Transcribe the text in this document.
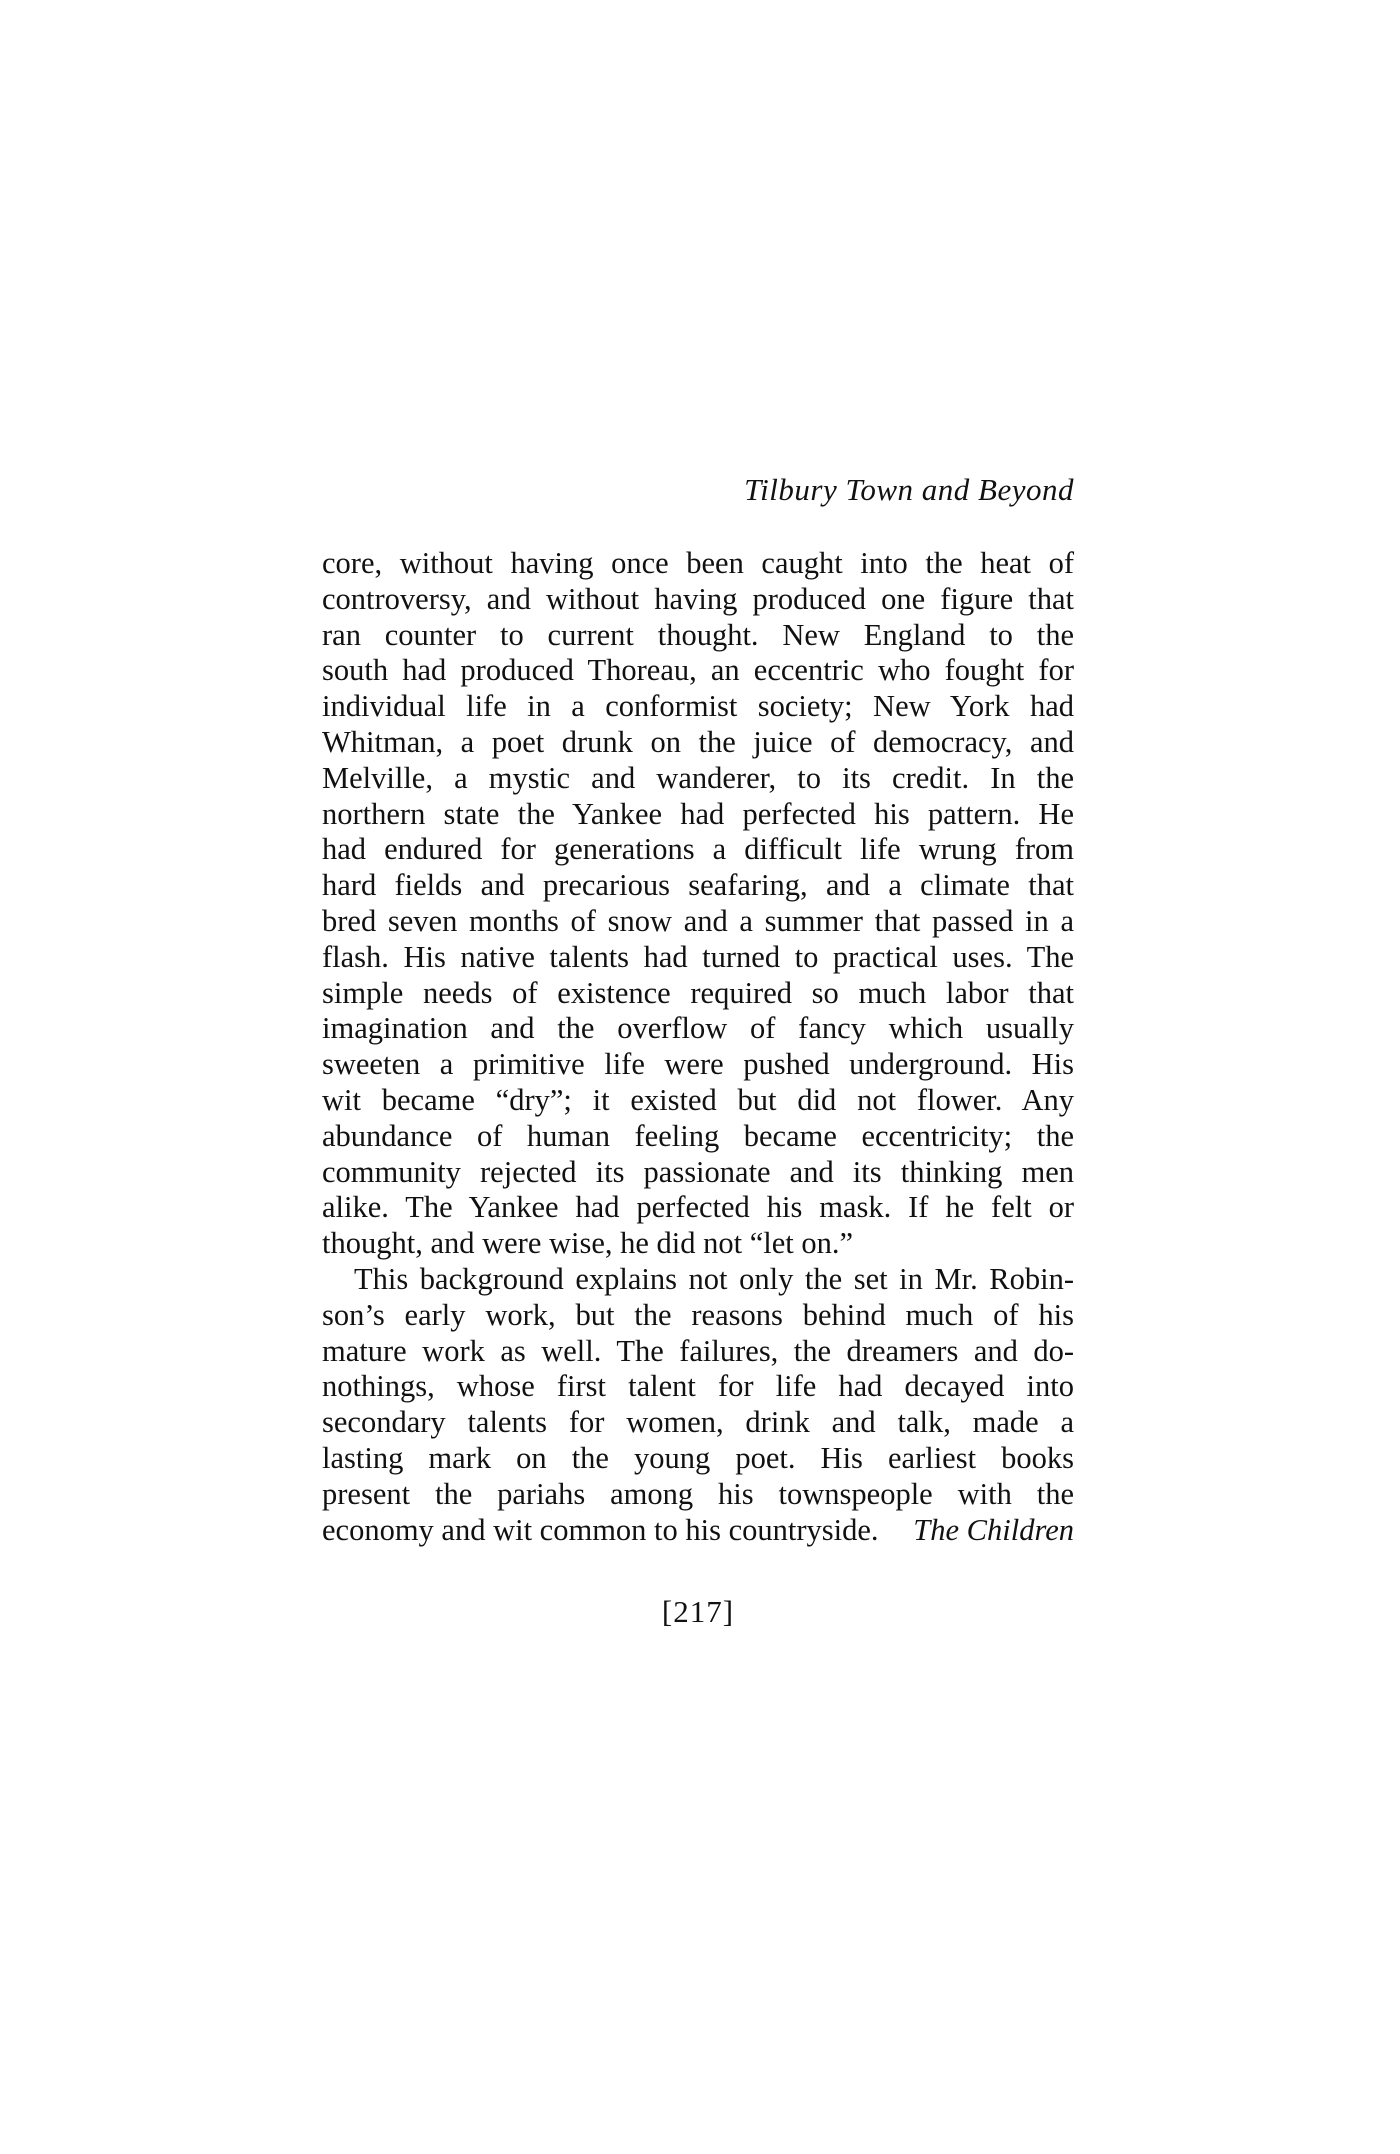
Tilbury Town and Beyond
core, without having once been caught into the heat of
controversy, and without having produced one figure that
ran counter to current thought. New England to the
south had produced Thoreau, an eccentric who fought for
individual life in a conformist society; New York had
Whitman, a poet drunk on the juice of democracy, and
Melville, a mystic and wanderer, to its credit. In the
northern state the Yankee had perfected his pattern. He
had endured for generations a difficult life wrung from
hard fields and precarious seafaring, and a climate that
bred seven months of snow and a summer that passed in a
flash. His native talents had turned to practical uses. The
simple needs of existence required so much labor that
imagination and the overflow of fancy which usually
sweeten a primitive life were pushed underground. His
wit became “dry”; it existed but did not flower. Any
abundance of human feeling became eccentricity; the
community rejected its passionate and its thinking men
alike. The Yankee had perfected his mask. If he felt or
thought, and were wise, he did not “let on.”
This background explains not only the set in Mr. Robin-
son’s early work, but the reasons behind much of his
mature work as well. The failures, the dreamers and do-
nothings, whose first talent for life had decayed into
secondary talents for women, drink and talk, made a
lasting mark on the young poet. His earliest books
present the pariahs among his townspeople with the
economy and wit common to his countryside. The Children
[217]
